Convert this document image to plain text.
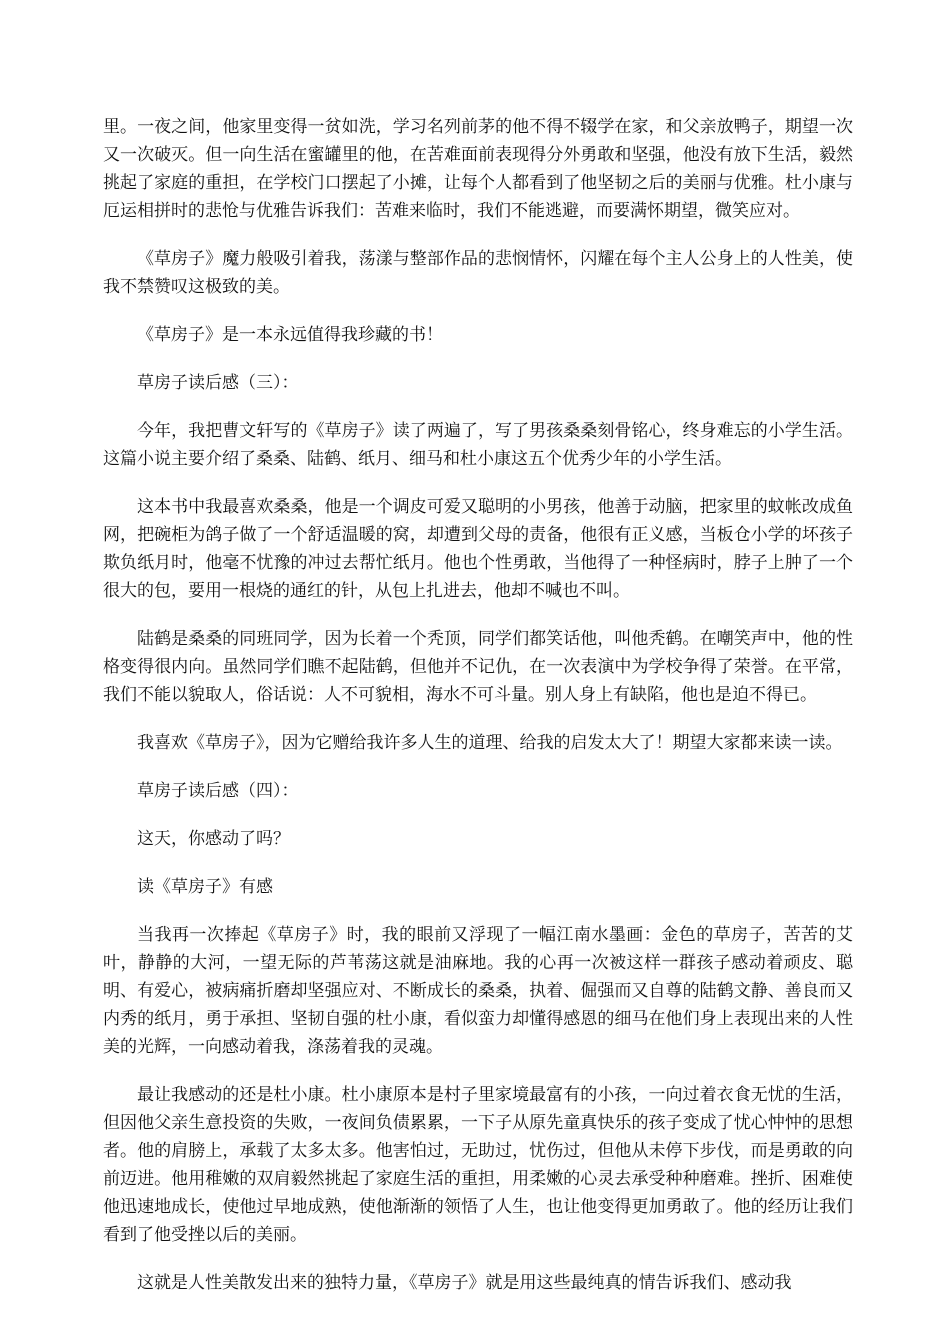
里。一夜之间，他家里变得一贫如洗，学习名列前茅的他不得不辍学在家，和父亲放鸭子，期望一次又一次破灭。但一向生活在蜜罐里的他，在苦难面前表现得分外勇敢和坚强，他没有放下生活，毅然挑起了家庭的重担，在学校门口摆起了小摊，让每个人都看到了他坚韧之后的美丽与优雅。杜小康与厄运相拼时的悲怆与优雅告诉我们：苦难来临时，我们不能逃避，而要满怀期望，微笑应对。

《草房子》魔力般吸引着我，荡漾与整部作品的悲悯情怀，闪耀在每个主人公身上的人性美，使我不禁赞叹这极致的美。

《草房子》是一本永远值得我珍藏的书！

草房子读后感（三）：

今年，我把曹文轩写的《草房子》读了两遍了，写了男孩桑桑刻骨铭心，终身难忘的小学生活。这篇小说主要介绍了桑桑、陆鹤、纸月、细马和杜小康这五个优秀少年的小学生活。

这本书中我最喜欢桑桑，他是一个调皮可爱又聪明的小男孩，他善于动脑，把家里的蚊帐改成鱼网，把碗柜为鸽子做了一个舒适温暖的窝，却遭到父母的责备，他很有正义感，当板仓小学的坏孩子欺负纸月时，他毫不忧豫的冲过去帮忙纸月。他也个性勇敢，当他得了一种怪病时，脖子上肿了一个很大的包，要用一根烧的通红的针，从包上扎进去，他却不喊也不叫。

陆鹤是桑桑的同班同学，因为长着一个秃顶，同学们都笑话他，叫他秃鹤。在嘲笑声中，他的性格变得很内向。虽然同学们瞧不起陆鹤，但他并不记仇，在一次表演中为学校争得了荣誉。在平常，我们不能以貌取人，俗话说：人不可貌相，海水不可斗量。别人身上有缺陷，他也是迫不得已。

我喜欢《草房子》，因为它赠给我许多人生的道理、给我的启发太大了！期望大家都来读一读。

草房子读后感（四）：

这天，你感动了吗？

读《草房子》有感

当我再一次捧起《草房子》时，我的眼前又浮现了一幅江南水墨画：金色的草房子，苦苦的艾叶，静静的大河，一望无际的芦苇荡这就是油麻地。我的心再一次被这样一群孩子感动着顽皮、聪明、有爱心，被病痛折磨却坚强应对、不断成长的桑桑，执着、倔强而又自尊的陆鹤文静、善良而又内秀的纸月，勇于承担、坚韧自强的杜小康，看似蛮力却懂得感恩的细马在他们身上表现出来的人性美的光辉，一向感动着我，涤荡着我的灵魂。

最让我感动的还是杜小康。杜小康原本是村子里家境最富有的小孩，一向过着衣食无忧的生活，但因他父亲生意投资的失败，一夜间负债累累，一下子从原先童真快乐的孩子变成了忧心忡忡的思想者。他的肩膀上，承载了太多太多。他害怕过，无助过，忧伤过，但他从未停下步伐，而是勇敢的向前迈进。他用稚嫩的双肩毅然挑起了家庭生活的重担，用柔嫩的心灵去承受种种磨难。挫折、困难使他迅速地成长，使他过早地成熟，使他渐渐的领悟了人生，也让他变得更加勇敢了。他的经历让我们看到了他受挫以后的美丽。

这就是人性美散发出来的独特力量，《草房子》就是用这些最纯真的情告诉我们、感动我
